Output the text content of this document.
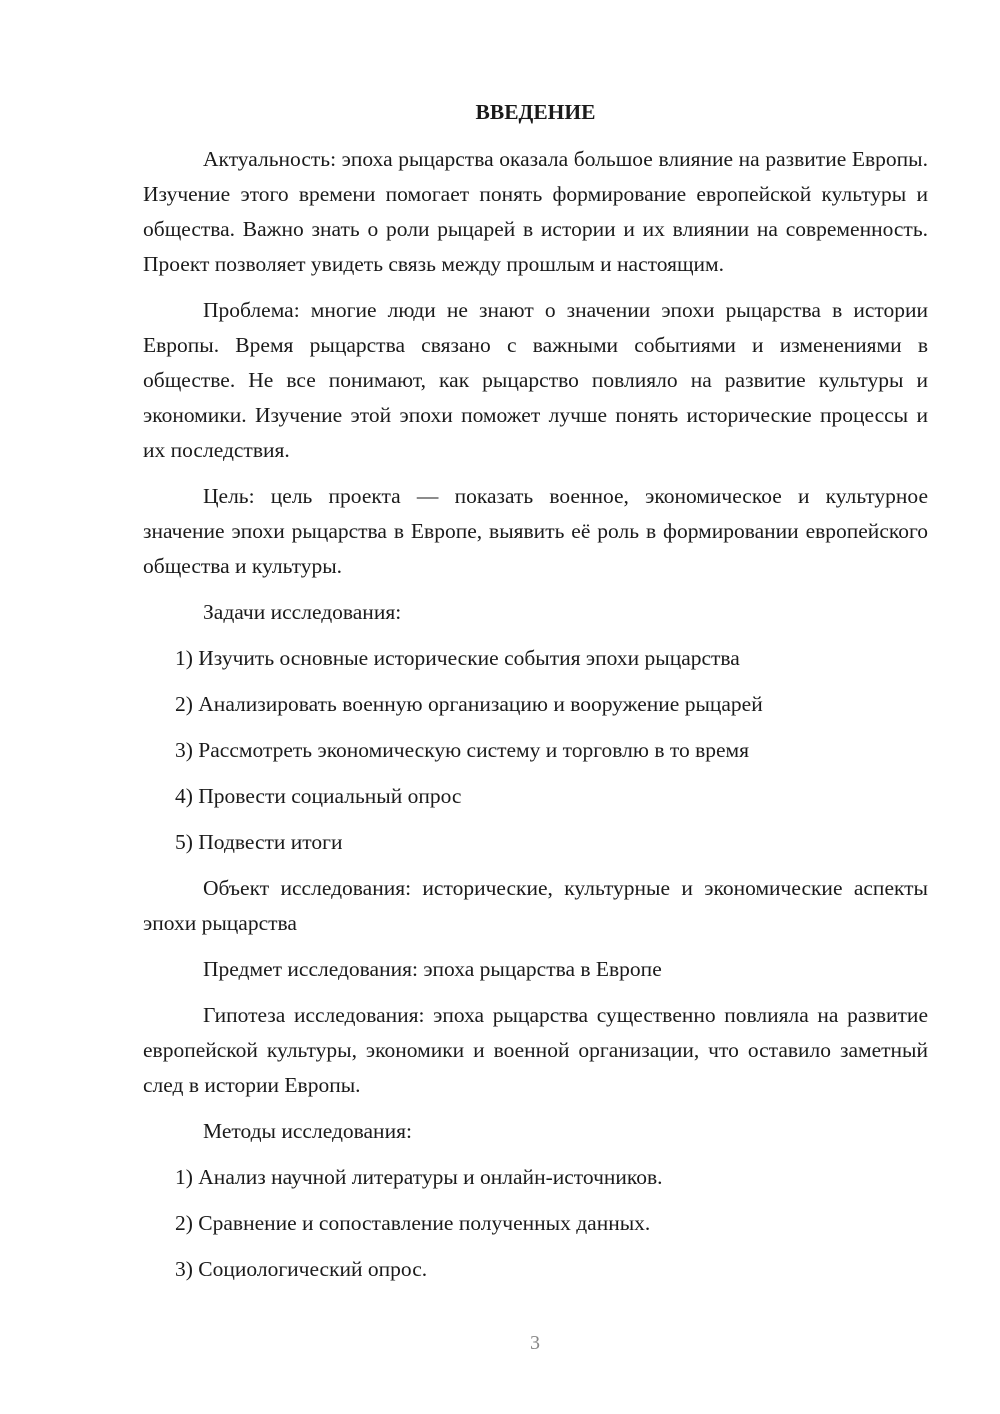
ВВЕДЕНИЕ

Актуальность: эпоха рыцарства оказала большое влияние на развитие Европы. Изучение этого времени помогает понять формирование европейской культуры и общества. Важно знать о роли рыцарей в истории и их влиянии на современность. Проект позволяет увидеть связь между прошлым и настоящим.

Проблема: многие люди не знают о значении эпохи рыцарства в истории Европы. Время рыцарства связано с важными событиями и изменениями в обществе. Не все понимают, как рыцарство повлияло на развитие культуры и экономики. Изучение этой эпохи поможет лучше понять исторические процессы и их последствия.

Цель: цель проекта — показать военное, экономическое и культурное значение эпохи рыцарства в Европе, выявить её роль в формировании европейского общества и культуры.

Задачи исследования:

1) Изучить основные исторические события эпохи рыцарства
2) Анализировать военную организацию и вооружение рыцарей
3) Рассмотреть экономическую систему и торговлю в то время
4) Провести социальный опрос
5) Подвести итоги

Объект исследования: исторические, культурные и экономические аспекты эпохи рыцарства

Предмет исследования: эпоха рыцарства в Европе

Гипотеза исследования: эпоха рыцарства существенно повлияла на развитие европейской культуры, экономики и военной организации, что оставило заметный след в истории Европы.

Методы исследования:

1) Анализ научной литературы и онлайн-источников.
2) Сравнение и сопоставление полученных данных.
3) Социологический опрос.
3
